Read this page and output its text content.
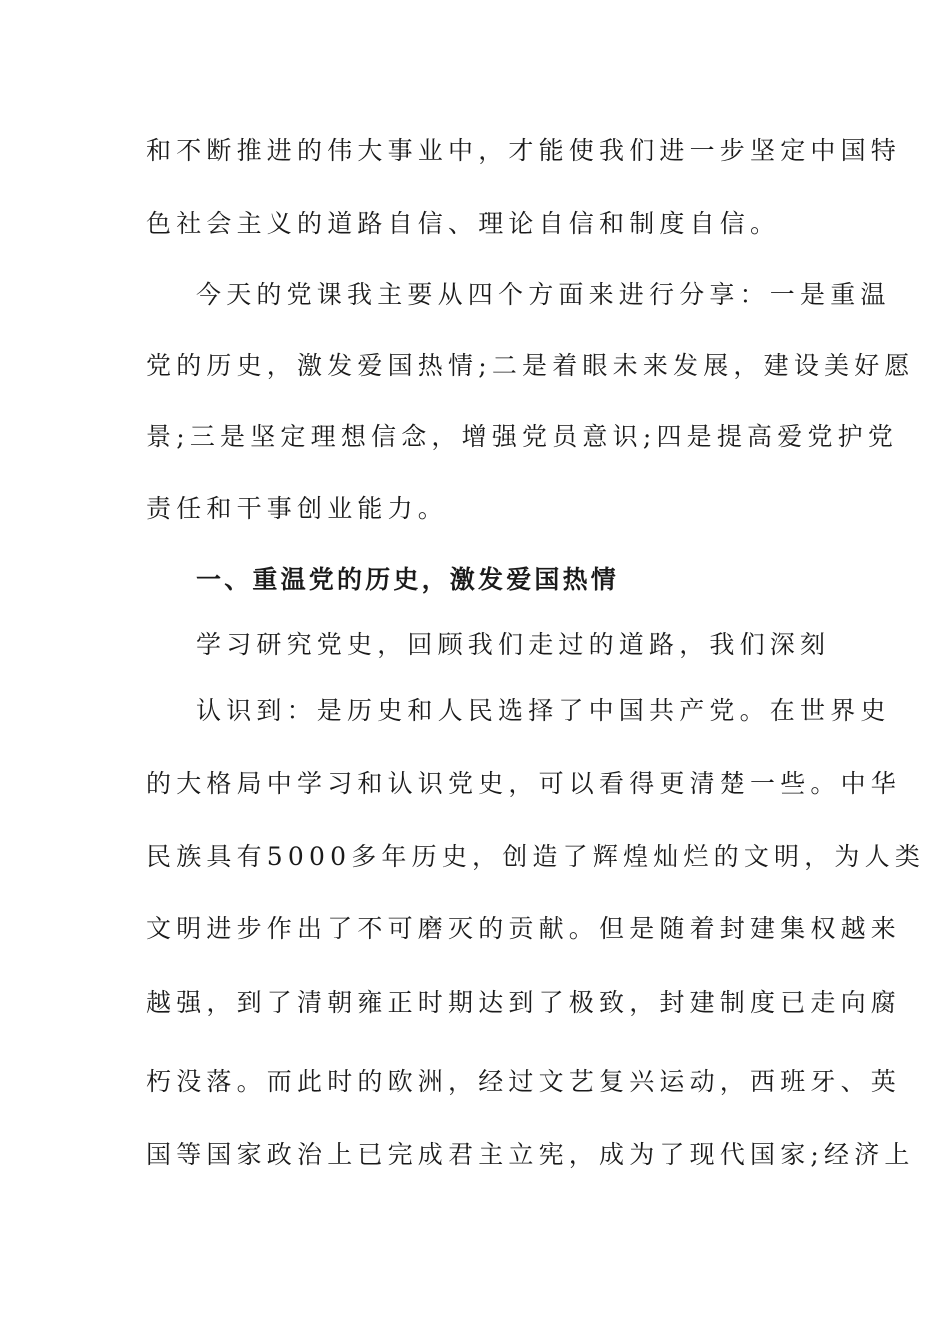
和不断推进的伟大事业中，才能使我们进一步坚定中国特
色社会主义的道路自信、理论自信和制度自信。
今天的党课我主要从四个方面来进行分享：一是重温
党的历史，激发爱国热情;二是着眼未来发展，建设美好愿
景;三是坚定理想信念，增强党员意识;四是提高爱党护党
责任和干事创业能力。
一、重温党的历史，激发爱国热情
学习研究党史，回顾我们走过的道路，我们深刻
认识到：是历史和人民选择了中国共产党。在世界史
的大格局中学习和认识党史，可以看得更清楚一些。中华
民族具有5000多年历史，创造了辉煌灿烂的文明，为人类
文明进步作出了不可磨灭的贡献。但是随着封建集权越来
越强，到了清朝雍正时期达到了极致，封建制度已走向腐
朽没落。而此时的欧洲，经过文艺复兴运动，西班牙、英
国等国家政治上已完成君主立宪，成为了现代国家;经济上
